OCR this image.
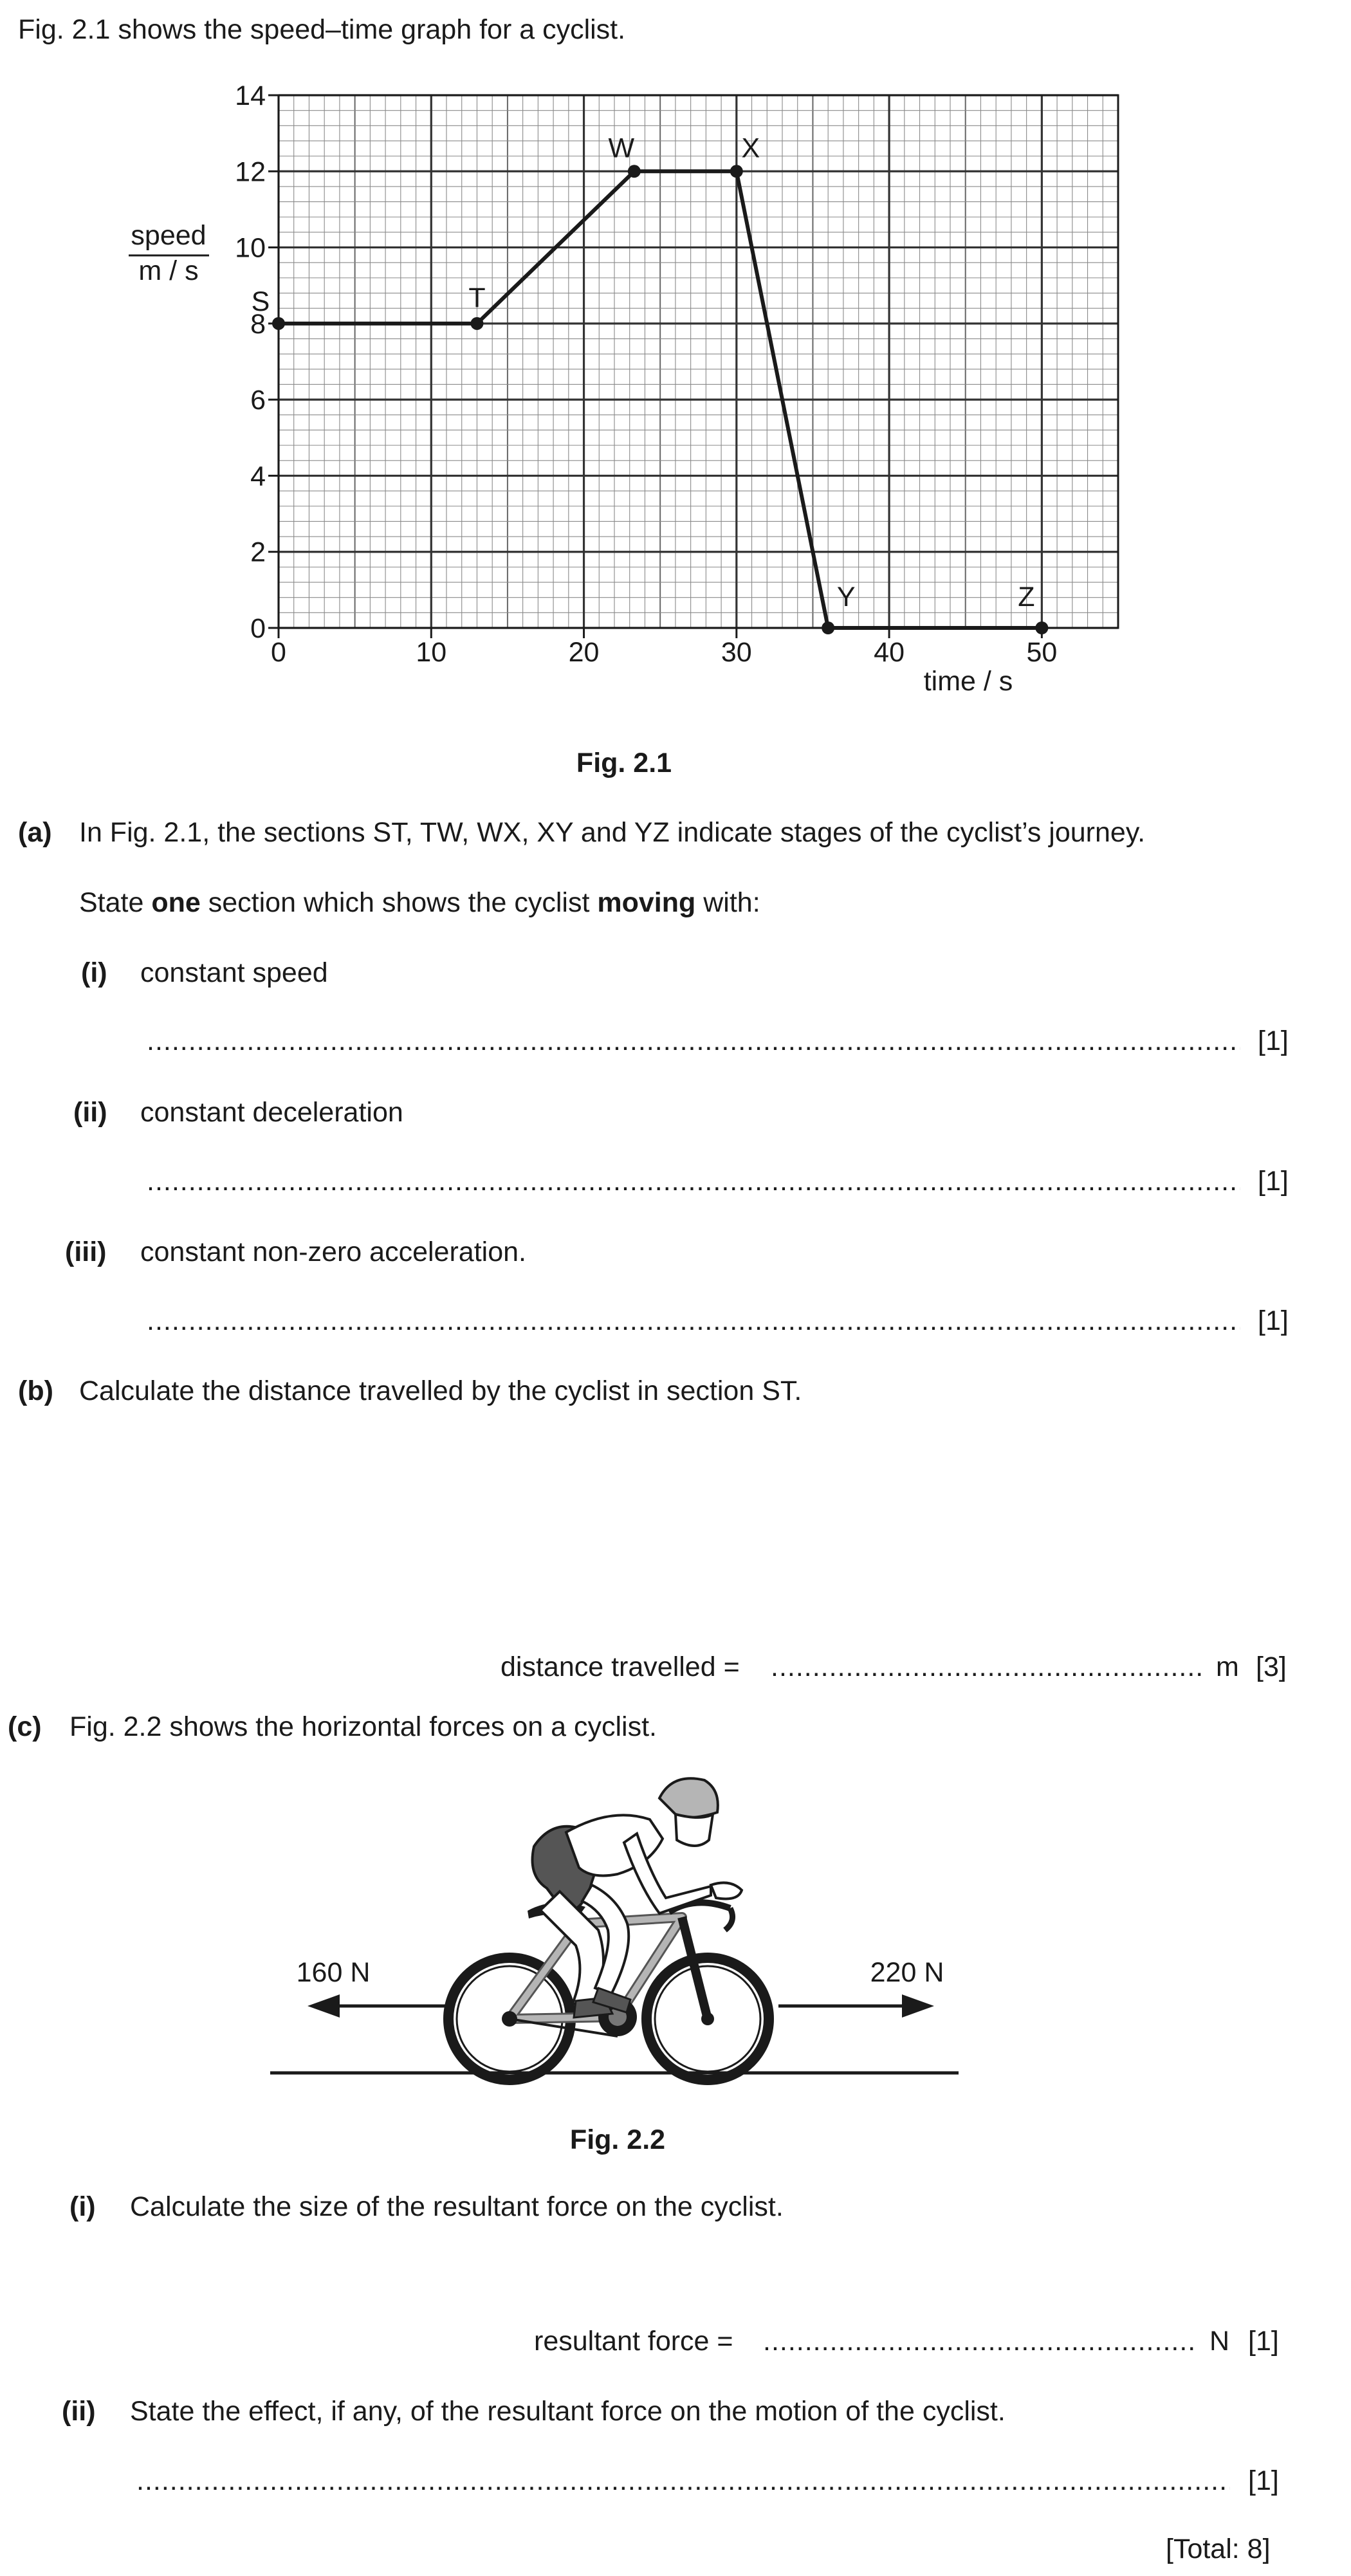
Fig. 2.1 shows the speed–time graph for a cyclist.
0
2
4
6
8
10
12
14
0	10	20	30	40	50
S	T
W	X
Y	Z
speed
m / s
time / s
Fig. 2.1
(a) In Fig. 2.1, the sections ST, TW, WX, XY and YZ indicate stages of the cyclist’s journey.
State one section which shows the cyclist moving with:
(i) constant speed
.....
[1]
(ii) constant deceleration
.....
[1]
(iii) constant non-zero acceleration.
.....
[1]
(b) Calculate the distance travelled by the cyclist in section ST.
distance travelled = .....	m [3]
(c) Fig. 2.2 shows the horizontal forces on a cyclist.
160 N	220 N
Fig. 2.2
(i) Calculate the size of the resultant force on the cyclist.
resultant force = .....	N [1]
(ii) State the effect, if any, of the resultant force on the motion of the cyclist.
.....
[1]
[Total: 8]
